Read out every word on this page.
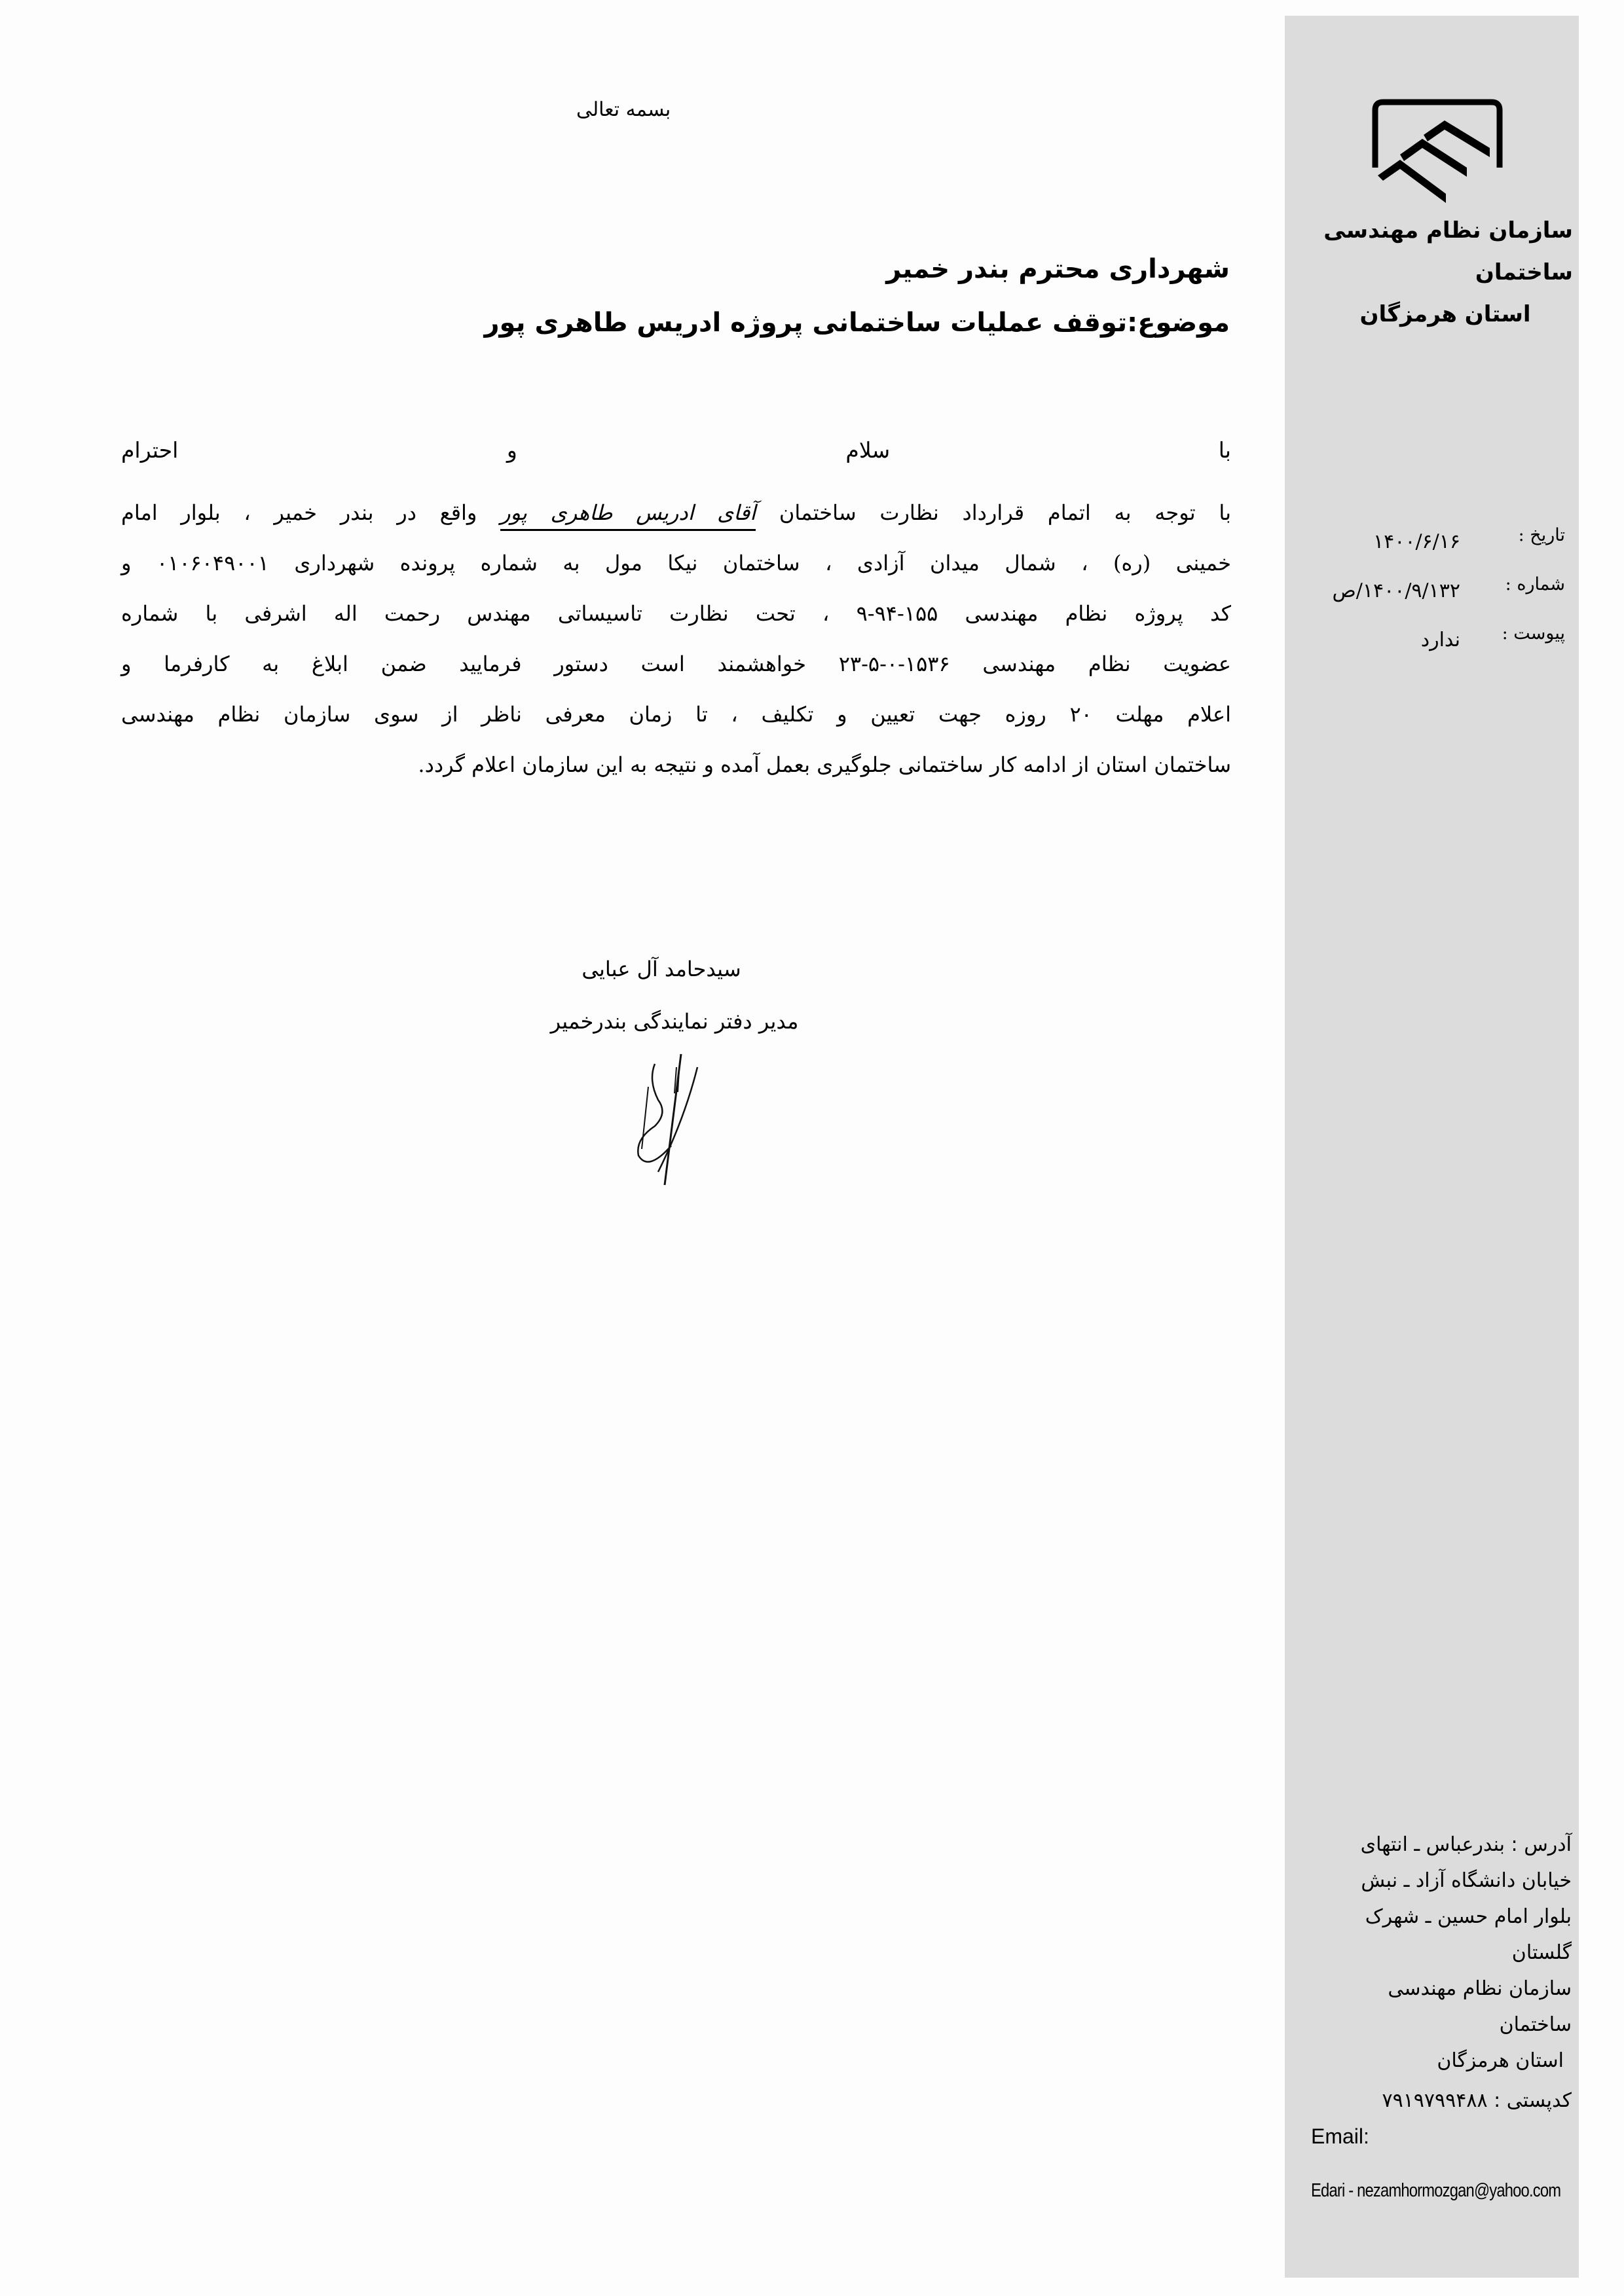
سازمان نظام مهندسی ساختمان
استان هرمزگان
تاریخ :
۱۴۰۰/۶/۱۶
شماره :
۱۴۰۰/۹/۱۳۲/ص
پیوست :
ندارد
آدرس : بندرعباس ـ انتهای
خیابان دانشگاه آزاد ـ نبش
بلوار امام حسین ـ شهرک
گلستان
سازمان نظام مهندسی ساختمان
استان هرمزگان
کدپستی : ۷۹۱۹۷۹۹۴۸۸
Email:
Edari - nezamhormozgan@yahoo.com
بسمه تعالی
شهرداری محترم بندر خمیر
موضوع:توقف عملیات ساختمانی پروژه ادریس طاهری پور
با
سلام
و
احترام
با توجه به اتمام قرارداد نظارت ساختمان آقای ادریس طاهری پور واقع در بندر خمیر ، بلوار امام
خمینی (ره) ، شمال میدان آزادی ، ساختمان نیکا مول به شماره پرونده شهرداری ۰۱۰۶۰۴۹۰۰۱ و
کد پروژه نظام مهندسی ۱۵۵-۹۴-۹ ، تحت نظارت تاسیساتی مهندس رحمت اله اشرفی با شماره
عضویت نظام مهندسی ۱۵۳۶-۰-۵-۲۳ خواهشمند است دستور فرمایید ضمن ابلاغ به کارفرما و
اعلام مهلت ۲۰ روزه جهت تعیین و تکلیف ، تا زمان معرفی ناظر از سوی سازمان نظام مهندسی
ساختمان استان از ادامه کار ساختمانی جلوگیری بعمل آمده و نتیجه به این سازمان اعلام گردد.
سیدحامد آل عبایی
مدیر دفتر نمایندگی بندرخمیر
